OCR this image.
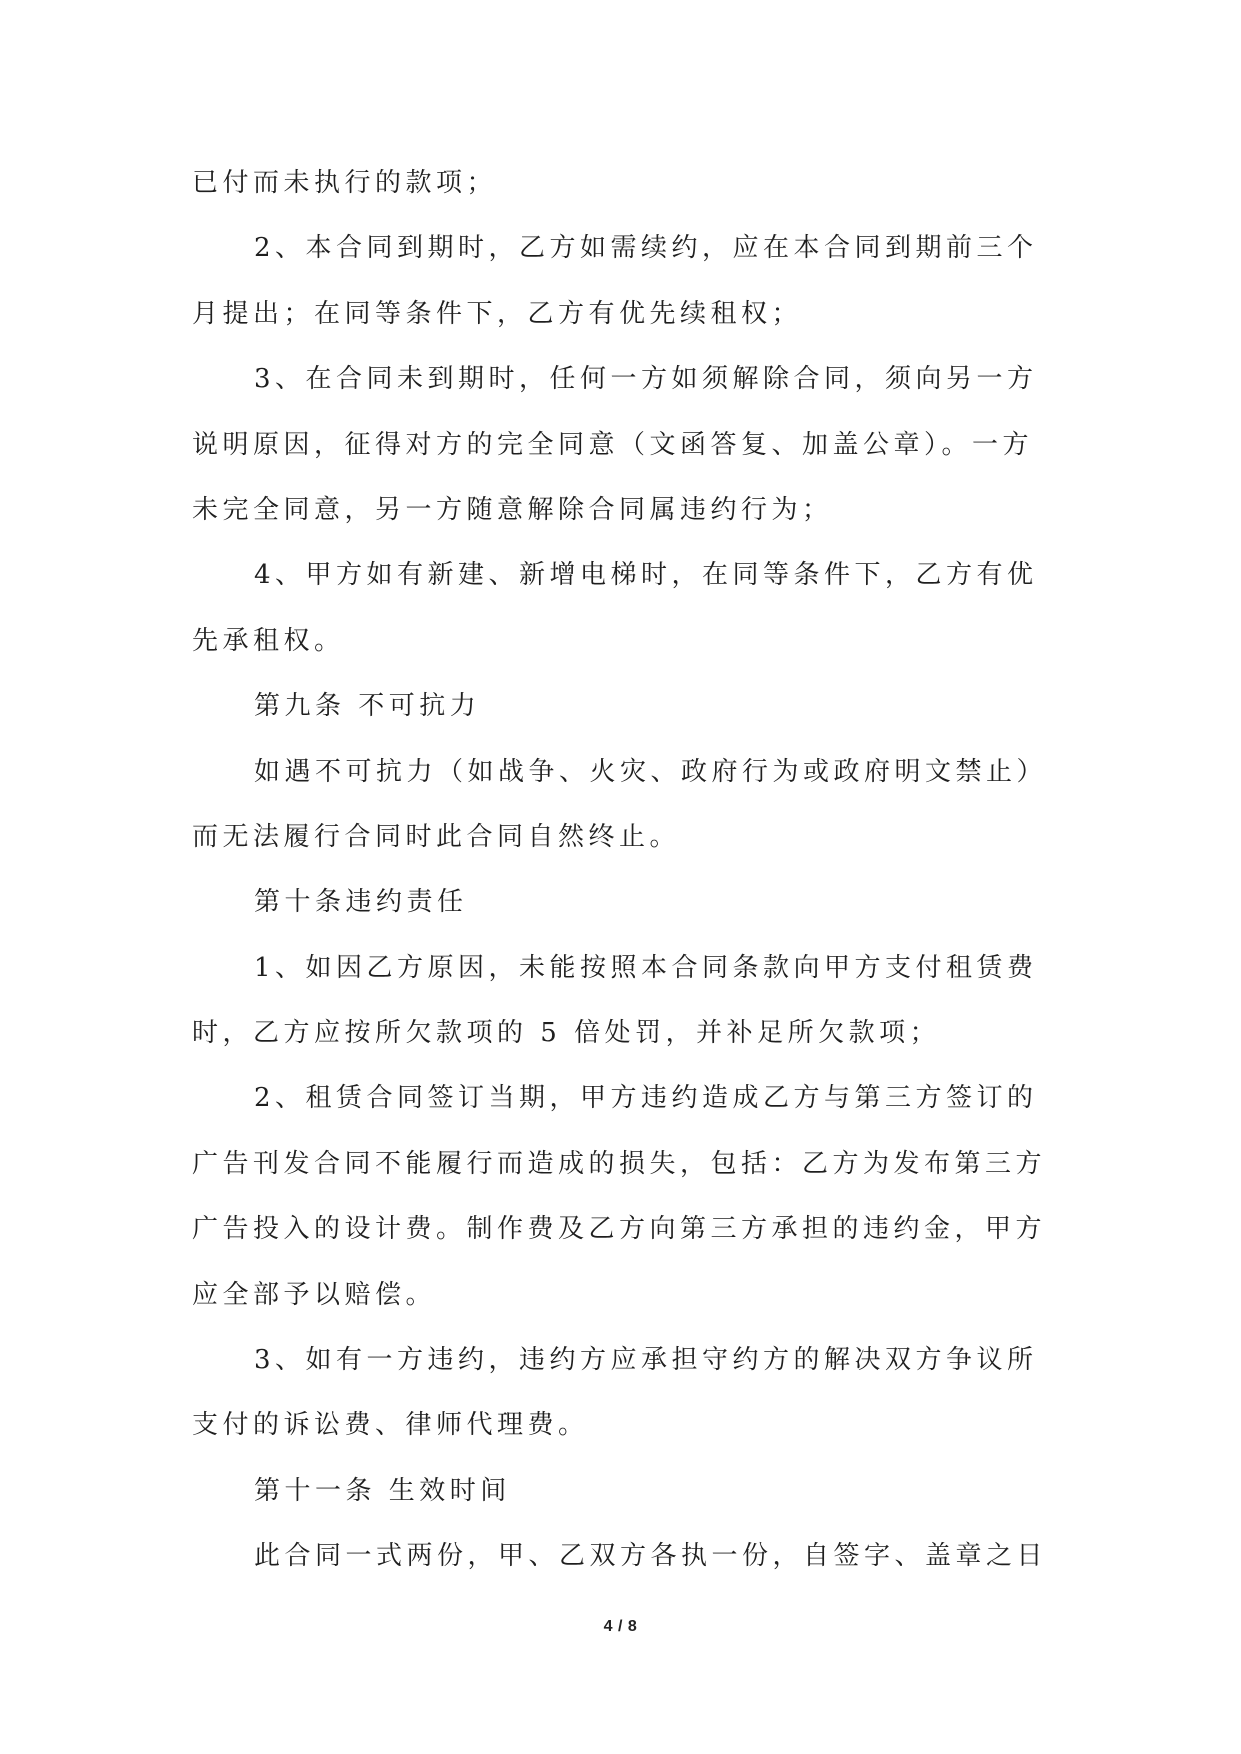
已付而未执行的款项；
2、本合同到期时，乙方如需续约，应在本合同到期前三个
月提出；在同等条件下，乙方有优先续租权；
3、在合同未到期时，任何一方如须解除合同，须向另一方
说明原因，征得对方的完全同意（文函答复、加盖公章）。一方
未完全同意，另一方随意解除合同属违约行为；
4、甲方如有新建、新增电梯时，在同等条件下，乙方有优
先承租权。
第九条 不可抗力
如遇不可抗力（如战争、火灾、政府行为或政府明文禁止）
而无法履行合同时此合同自然终止。
第十条违约责任
1、如因乙方原因，未能按照本合同条款向甲方支付租赁费
时，乙方应按所欠款项的 5 倍处罚，并补足所欠款项；
2、租赁合同签订当期，甲方违约造成乙方与第三方签订的
广告刊发合同不能履行而造成的损失，包括：乙方为发布第三方
广告投入的设计费。制作费及乙方向第三方承担的违约金，甲方
应全部予以赔偿。
3、如有一方违约，违约方应承担守约方的解决双方争议所
支付的诉讼费、律师代理费。
第十一条 生效时间
此合同一式两份，甲、乙双方各执一份，自签字、盖章之日
4 / 8
